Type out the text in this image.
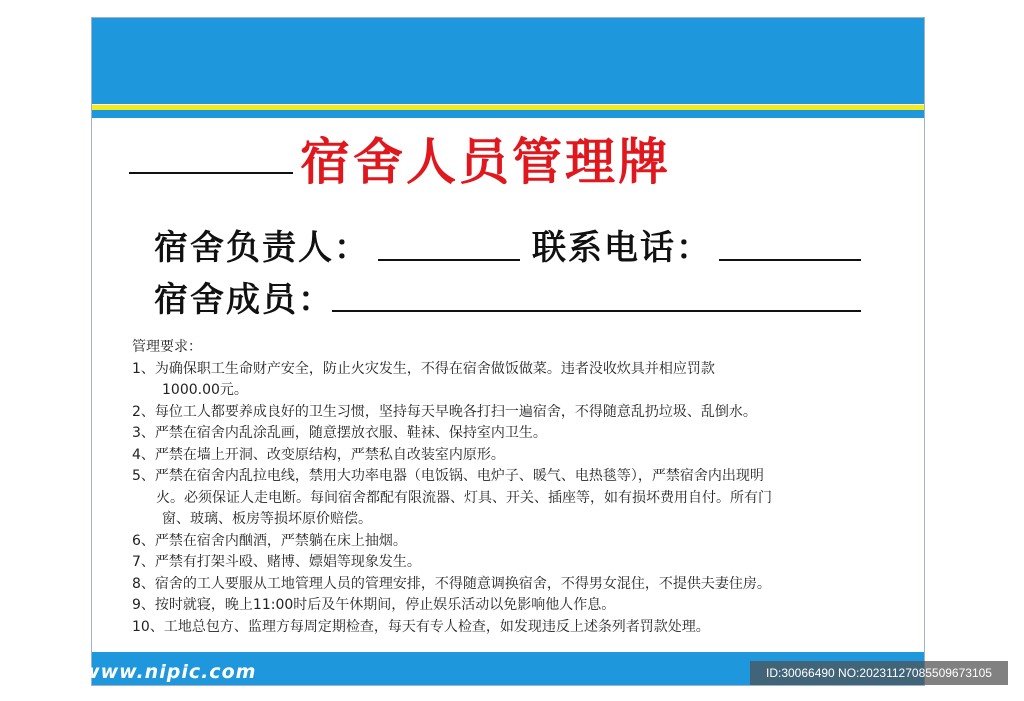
宿舍人员管理牌
宿舍负责人：	联系电话：
宿舍成员：
管理要求：
1、为确保职工生命财产安全，防止火灾发生，不得在宿舍做饭做菜。违者没收炊具并相应罚款
1000.00元。
2、每位工人都要养成良好的卫生习惯，坚持每天早晚各打扫一遍宿舍，不得随意乱扔垃圾、乱倒水。
3、严禁在宿舍内乱涂乱画，随意摆放衣服、鞋袜、保持室内卫生。
4、严禁在墙上开洞、改变原结构，严禁私自改装室内原形。
5、严禁在宿舍内乱拉电线，禁用大功率电器（电饭锅、电炉子、暖气、电热毯等），严禁宿舍内出现明
火。必须保证人走电断。每间宿舍都配有限流器、灯具、开关、插座等，如有损坏费用自付。所有门
窗、玻璃、板房等损坏原价赔偿。
6、严禁在宿舍内酗酒，严禁躺在床上抽烟。
7、严禁有打架斗殴、赌博、嫖娼等现象发生。
8、宿舍的工人要服从工地管理人员的管理安排，不得随意调换宿舍，不得男女混住，不提供夫妻住房。
9、按时就寝，晚上11:00时后及午休期间，停止娱乐活动以免影响他人作息。
10、工地总包方、监理方每周定期检查，每天有专人检查，如发现违反上述条列者罚款处理。
昵图网 www.nipic.com	ID:30066490 NO:20231127085509673105
